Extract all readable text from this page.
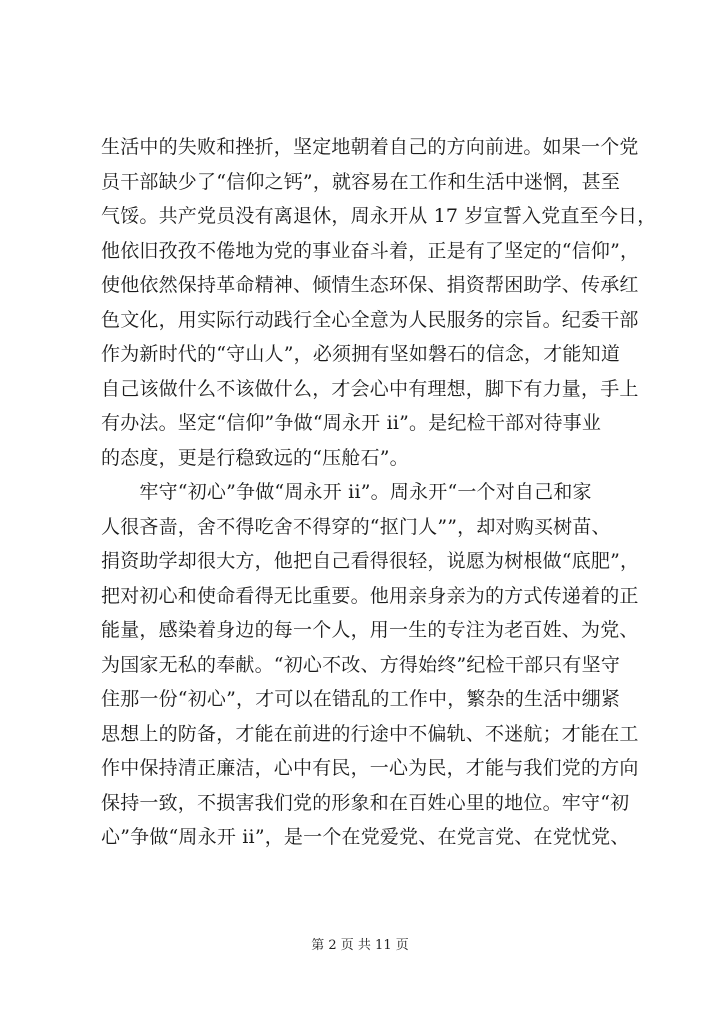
生活中的失败和挫折，坚定地朝着自己的方向前进。如果一个党
员干部缺少了“信仰之钙”，就容易在工作和生活中迷惘，甚至
气馁。共产党员没有离退休，周永开从 17 岁宣誓入党直至今日，
他依旧孜孜不倦地为党的事业奋斗着，正是有了坚定的“信仰”，
使他依然保持革命精神、倾情生态环保、捐资帮困助学、传承红
色文化，用实际行动践行全心全意为人民服务的宗旨。纪委干部
作为新时代的“守山人”，必须拥有坚如磐石的信念，才能知道
自己该做什么不该做什么，才会心中有理想，脚下有力量，手上
有办法。坚定“信仰”争做“周永开 ii”。是纪检干部对待事业
的态度，更是行稳致远的“压舱石”。
　　牢守“初心”争做“周永开 ii”。周永开“一个对自己和家
人很吝啬，舍不得吃舍不得穿的“抠门人””，却对购买树苗、
捐资助学却很大方，他把自己看得很轻，说愿为树根做“底肥”，
把对初心和使命看得无比重要。他用亲身亲为的方式传递着的正
能量，感染着身边的每一个人，用一生的专注为老百姓、为党、
为国家无私的奉献。“初心不改、方得始终”纪检干部只有坚守
住那一份“初心”，才可以在错乱的工作中，繁杂的生活中绷紧
思想上的防备，才能在前进的行途中不偏轨、不迷航；才能在工
作中保持清正廉洁，心中有民，一心为民，才能与我们党的方向
保持一致，不损害我们党的形象和在百姓心里的地位。牢守“初
心”争做“周永开 ii”，是一个在党爱党、在党言党、在党忧党、
第 2 页 共 11 页
